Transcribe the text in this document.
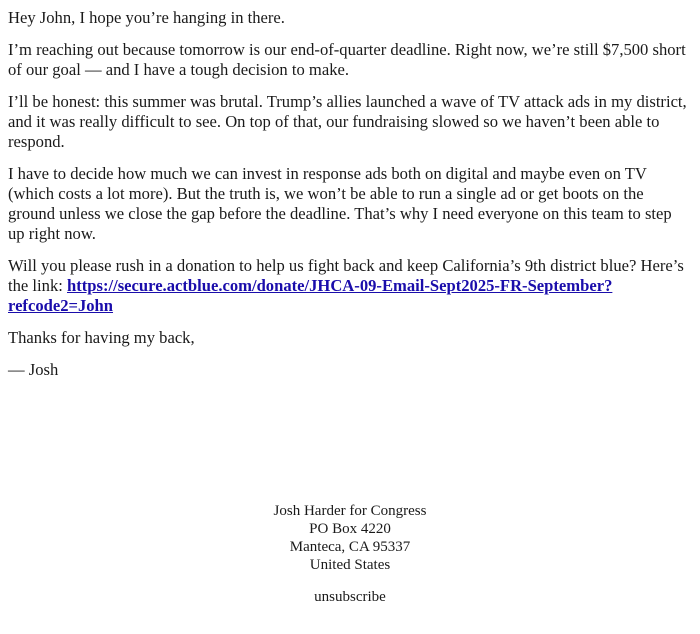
Hey John, I hope you’re hanging in there.

I’m reaching out because tomorrow is our end-of-quarter deadline. Right now, we’re still $7,500 short of our goal — and I have a tough decision to make.

I’ll be honest: this summer was brutal. Trump’s allies launched a wave of TV attack ads in my district, and it was really difficult to see. On top of that, our fundraising slowed so we haven’t been able to respond.

I have to decide how much we can invest in response ads both on digital and maybe even on TV (which costs a lot more). But the truth is, we won’t be able to run a single ad or get boots on the ground unless we close the gap before the deadline. That’s why I need everyone on this team to step up right now.

Will you please rush in a donation to help us fight back and keep California’s 9th district blue? Here’s the link: https://secure.actblue.com/donate/JHCA-09-Email-Sept2025-FR-September?refcode2=John

Thanks for having my back,

— Josh

Josh Harder for Congress
PO Box 4220
Manteca, CA 95337
United States
unsubscribe
